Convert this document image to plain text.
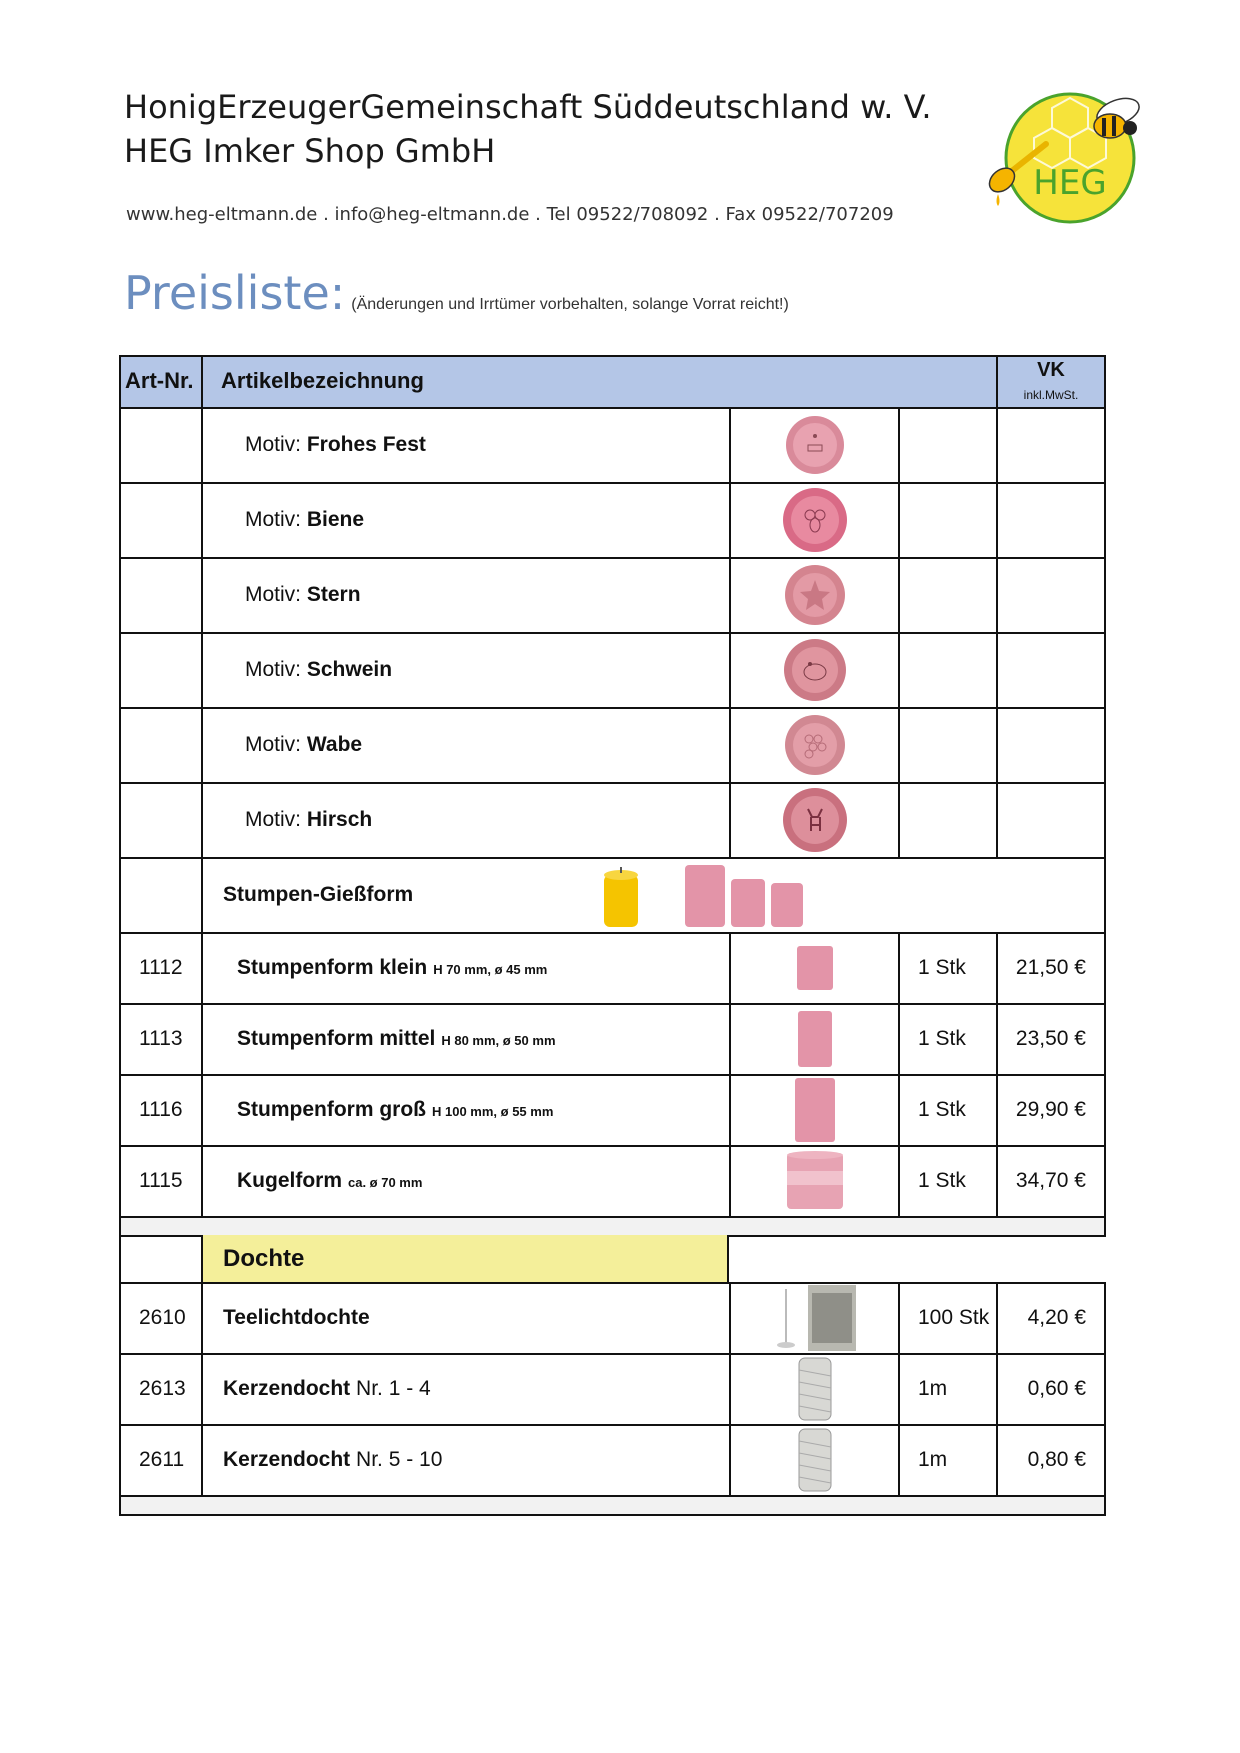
HonigErzeugerGemeinschaft Süddeutschland w. V.
HEG Imker Shop GmbH
www.heg-eltmann.de . info@heg-eltmann.de . Tel 09522/708092 . Fax 09522/707209
HEG
Preisliste: (Änderungen und Irrtümer vorbehalten, solange Vorrat reicht!)
Art-Nr. Artikelbezeichnung	VK
inkl.MwSt.
Motiv: Frohes Fest
Motiv: Biene
Motiv: Stern
Motiv: Schwein
Motiv: Wabe
Motiv: Hirsch
Stumpen-Gießform
1112	Stumpenform klein H 70 mm, ø 45 mm	1 Stk 21,50 €
1113	Stumpenform mittel H 80 mm, ø 50 mm	1 Stk 23,50 €
1116	Stumpenform groß H 100 mm, ø 55 mm	1 Stk 29,90 €
1115	Kugelform ca. ø 70 mm	1 Stk 34,70 €
Dochte
2610 Teelichtdochte	100 Stk 4,20 €
2613 Kerzendocht Nr. 1 - 4	1m	0,60 €
2611 Kerzendocht Nr. 5 - 10	1m	0,80 €
